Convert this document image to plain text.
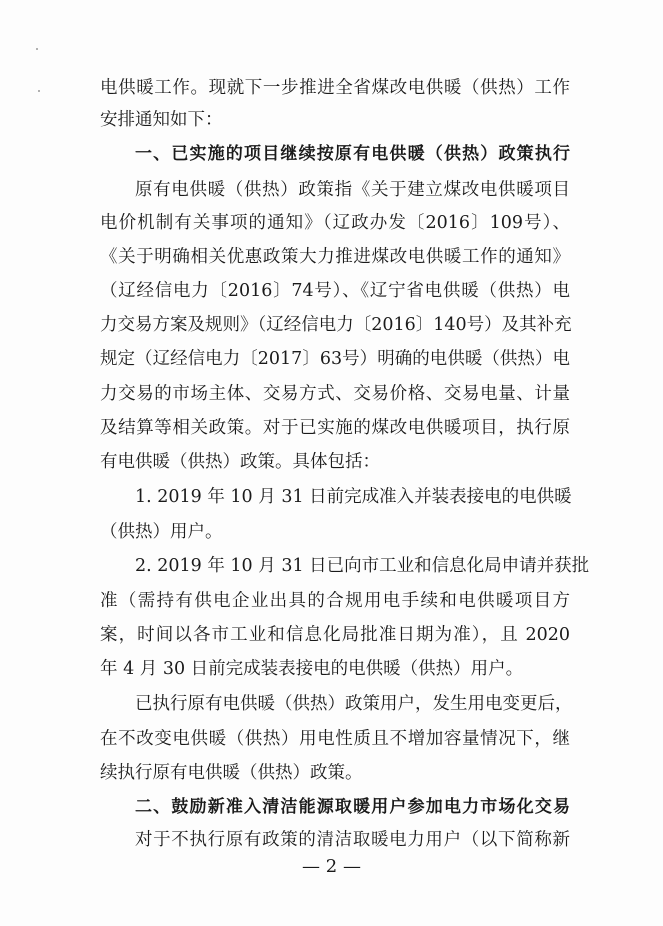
电供暖工作。现就下一步推进全省煤改电供暖（供热）工作
安排通知如下：
一、已实施的项目继续按原有电供暖（供热）政策执行
原有电供暖（供热）政策指《关于建立煤改电供暖项目
电价机制有关事项的通知》（辽政办发〔2016〕109号）、
《关于明确相关优惠政策大力推进煤改电供暖工作的通知》
（辽经信电力〔2016〕74号）、《辽宁省电供暖（供热）电
力交易方案及规则》（辽经信电力〔2016〕140号）及其补充
规定（辽经信电力〔2017〕63号）明确的电供暖（供热）电
力交易的市场主体、交易方式、交易价格、交易电量、计量
及结算等相关政策。对于已实施的煤改电供暖项目，执行原
有电供暖（供热）政策。具体包括：
1. 2019 年 10 月 31 日前完成准入并装表接电的电供暖
（供热）用户。
2. 2019 年 10 月 31 日已向市工业和信息化局申请并获批
准（需持有供电企业出具的合规用电手续和电供暖项目方
案，时间以各市工业和信息化局批准日期为准），且 2020
年 4 月 30 日前完成装表接电的电供暖（供热）用户。
已执行原有电供暖（供热）政策用户，发生用电变更后，
在不改变电供暖（供热）用电性质且不增加容量情况下，继
续执行原有电供暖（供热）政策。
二、鼓励新准入清洁能源取暖用户参加电力市场化交易
对于不执行原有政策的清洁取暖电力用户（以下简称新
— 2 —
